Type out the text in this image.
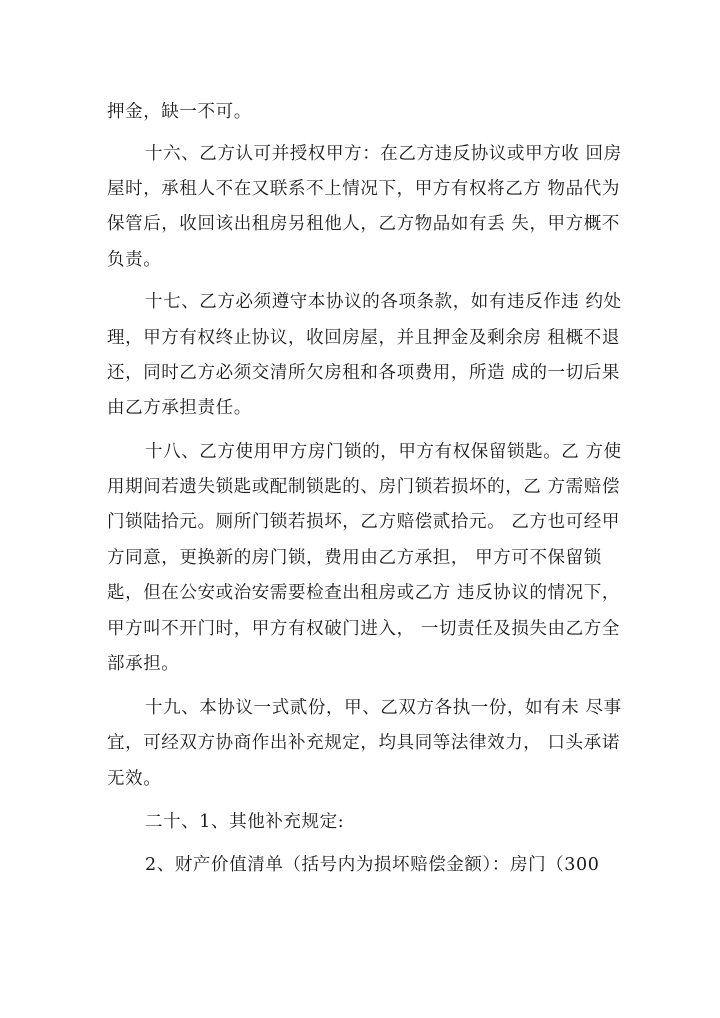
押金，缺一不可。
十六、乙方认可并授权甲方：在乙方违反协议或甲方收 回房
屋时，承租人不在又联系不上情况下，甲方有权将乙方 物品代为
保管后，收回该出租房另租他人，乙方物品如有丢 失，甲方概不
负责。
十七、乙方必须遵守本协议的各项条款，如有违反作违 约处
理，甲方有权终止协议，收回房屋，并且押金及剩余房 租概不退
还，同时乙方必须交清所欠房租和各项费用，所造 成的一切后果
由乙方承担责任。
十八、乙方使用甲方房门锁的，甲方有权保留锁匙。乙 方使
用期间若遗失锁匙或配制锁匙的、房门锁若损坏的，乙 方需赔偿
门锁陆拾元。厕所门锁若损坏，乙方赔偿贰拾元。 乙方也可经甲
方同意，更换新的房门锁，费用由乙方承担， 甲方可不保留锁
匙，但在公安或治安需要检查出租房或乙方 违反协议的情况下，
甲方叫不开门时，甲方有权破门进入， 一切责任及损失由乙方全
部承担。
十九、本协议一式贰份，甲、乙双方各执一份，如有未 尽事
宜，可经双方协商作出补充规定，均具同等法律效力， 口头承诺
无效。
二十、1、其他补充规定:
2、财产价值清单（括号内为损坏赔偿金额）：房门（300
